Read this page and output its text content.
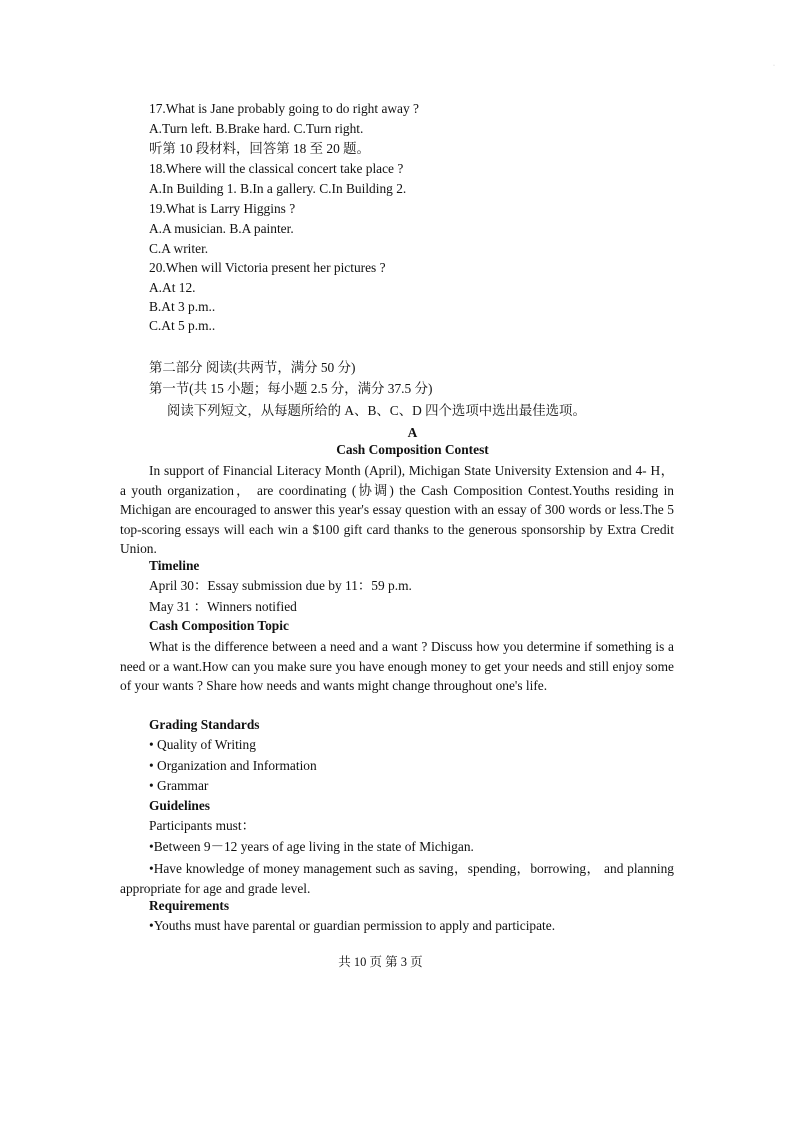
·
17.What is Jane probably going to do right away ?
A.Turn left. B.Brake hard. C.Turn right.
听第 10 段材料，回答第 18 至 20 题。
18.Where will the classical concert take place ?
A.In Building 1. B.In a gallery. C.In Building 2.
19.What is Larry Higgins ?
A.A musician. B.A painter.
C.A writer.
20.When will Victoria present her pictures ?
A.At 12.
B.At 3 p.m..
C.At 5 p.m..
第二部分 阅读(共两节，满分 50 分)
第一节(共 15 小题；每小题 2.5 分，满分 37.5 分)
阅读下列短文，从每题所给的 A、B、C、D 四个选项中选出最佳选项。
A
Cash Composition Contest
In support of Financial Literacy Month (April), Michigan State University Extension and 4- H， a youth organization， are coordinating (协调) the Cash Composition Contest.Youths residing in Michigan are encouraged to answer this year's essay question with an essay of 300 words or less.The 5 top-scoring essays will each win a $100 gift card thanks to the generous sponsorship by Extra Credit Union.
Timeline
April 30：Essay submission due by 11：59 p.m.
May 31 ：Winners notified
Cash Composition Topic
What is the difference between a need and a want ? Discuss how you determine if something is a need or a want.How can you make sure you have enough money to get your needs and still enjoy some of your wants ? Share how needs and wants might change throughout one's life.
Grading Standards
• Quality of Writing
• Organization and Information
• Grammar
Guidelines
Participants must：
•Between 9－12 years of age living in the state of Michigan.
•Have knowledge of money management such as saving，spending，borrowing， and planning appropriate for age and grade level.
Requirements
•Youths must have parental or guardian permission to apply and participate.
共 10 页 第 3 页
